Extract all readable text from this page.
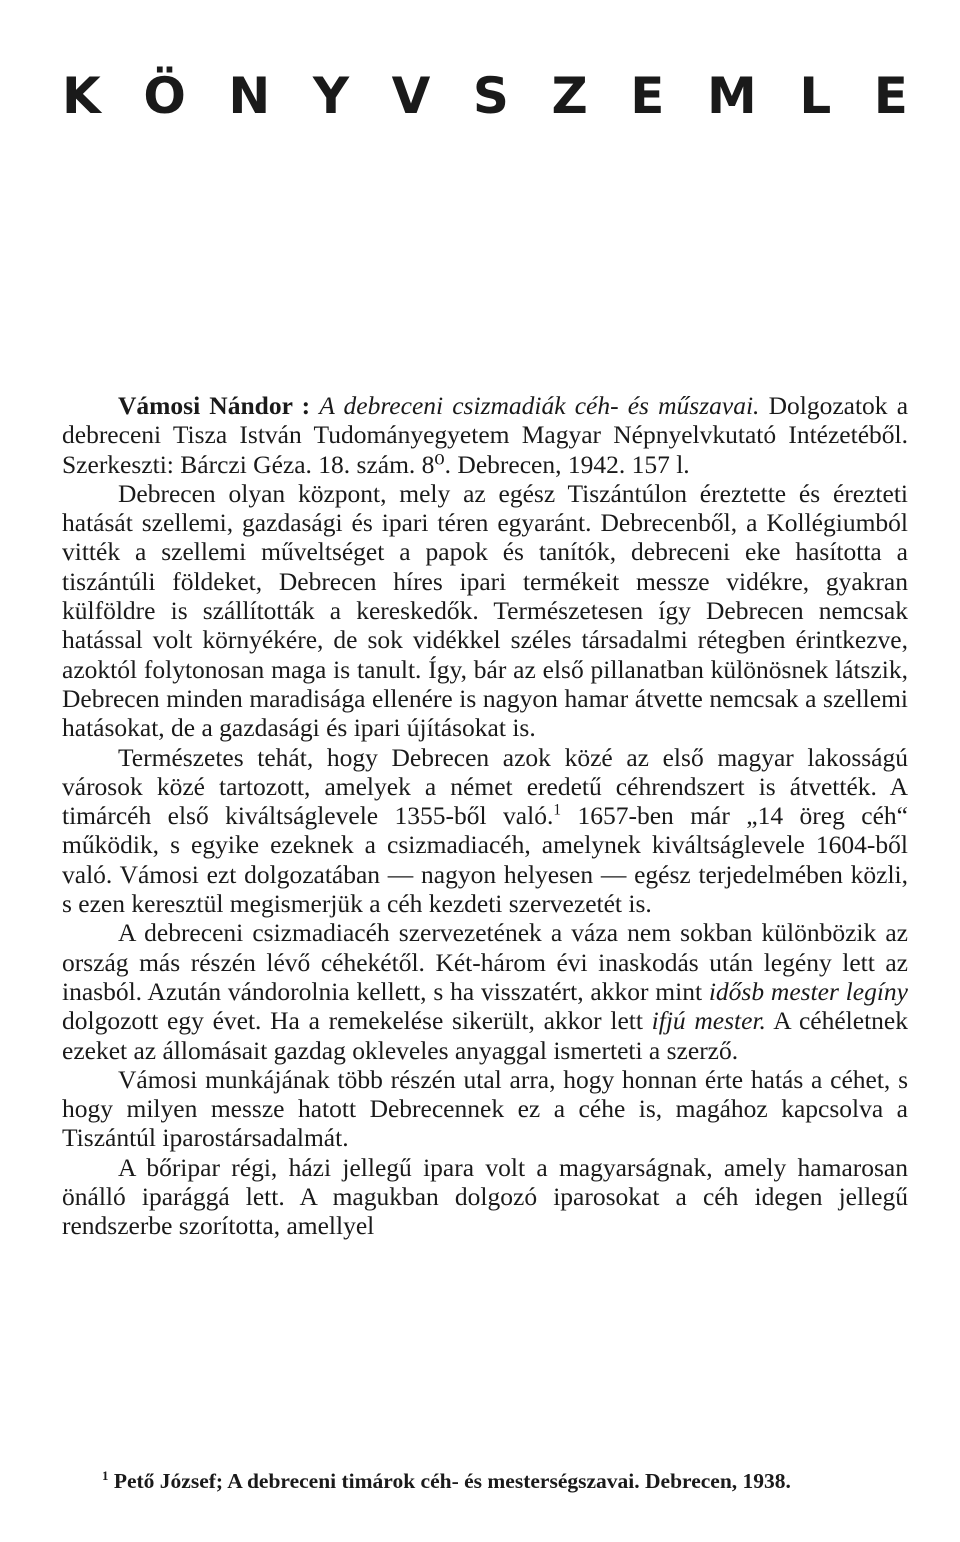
K Ö N Y V S Z E M L E

Vámosi Nándor : A debreceni csizmadiák céh- és műszavai. Dolgozatok a debreceni Tisza István Tudományegyetem Magyar Népnyelvkutató Intézetéből. Szerkeszti: Bárczi Géza. 18. szám. 8⁰. Debrecen, 1942. 157 l.

Debrecen olyan központ, mely az egész Tiszántúlon éreztette és érezteti hatását szellemi, gazdasági és ipari téren egyaránt. Debrecenből, a Kollégiumból vitték a szellemi műveltséget a papok és tanítók, debreceni eke hasította a tiszántúli földeket, Debrecen híres ipari termékeit messze vidékre, gyakran külföldre is szállították a kereskedők. Természetesen így Debrecen nemcsak hatással volt környékére, de sok vidékkel széles társadalmi rétegben érintkezve, azoktól folytonosan maga is tanult. Így, bár az első pillanatban különösnek látszik, Debrecen minden maradisága ellenére is nagyon hamar átvette nemcsak a szellemi hatásokat, de a gazdasági és ipari újításokat is.

Természetes tehát, hogy Debrecen azok közé az első magyar lakosságú városok közé tartozott, amelyek a német eredetű céhrendszert is átvették. A timárcéh első kiváltságlevele 1355-ből való.$^1$ 1657-ben már „14 öreg céh“ működik, s egyike ezeknek a csizmadiacéh, amelynek kiváltságlevele 1604-ből való. Vámosi ezt dolgozatában — nagyon helyesen — egész terjedelmében közli, s ezen keresztül megismerjük a céh kezdeti szervezetét is.

A debreceni csizmadiacéh szervezetének a váza nem sokban különbözik az ország más részén lévő céhekétől. Két-három évi inaskodás után legény lett az inasból. Azután vándorolnia kellett, s ha visszatért, akkor mint idősb mester legíny dolgozott egy évet. Ha a remekelése sikerült, akkor lett ifjú mester. A céhéletnek ezeket az állomásait gazdag okleveles anyaggal ismerteti a szerző.

Vámosi munkájának több részén utal arra, hogy honnan érte hatás a céhet, s hogy milyen messze hatott Debrecennek ez a céhe is, magához kapcsolva a Tiszántúl iparostársadalmát.

A bőripar régi, házi jellegű ipara volt a magyarságnak, amely hamarosan önálló iparággá lett. A magukban dolgozó iparosokat a céh idegen jellegű rendszerbe szorította, amellyel

$^1$ Pető József; A debreceni timárok céh- és mesterségszavai. Debrecen, 1938.
